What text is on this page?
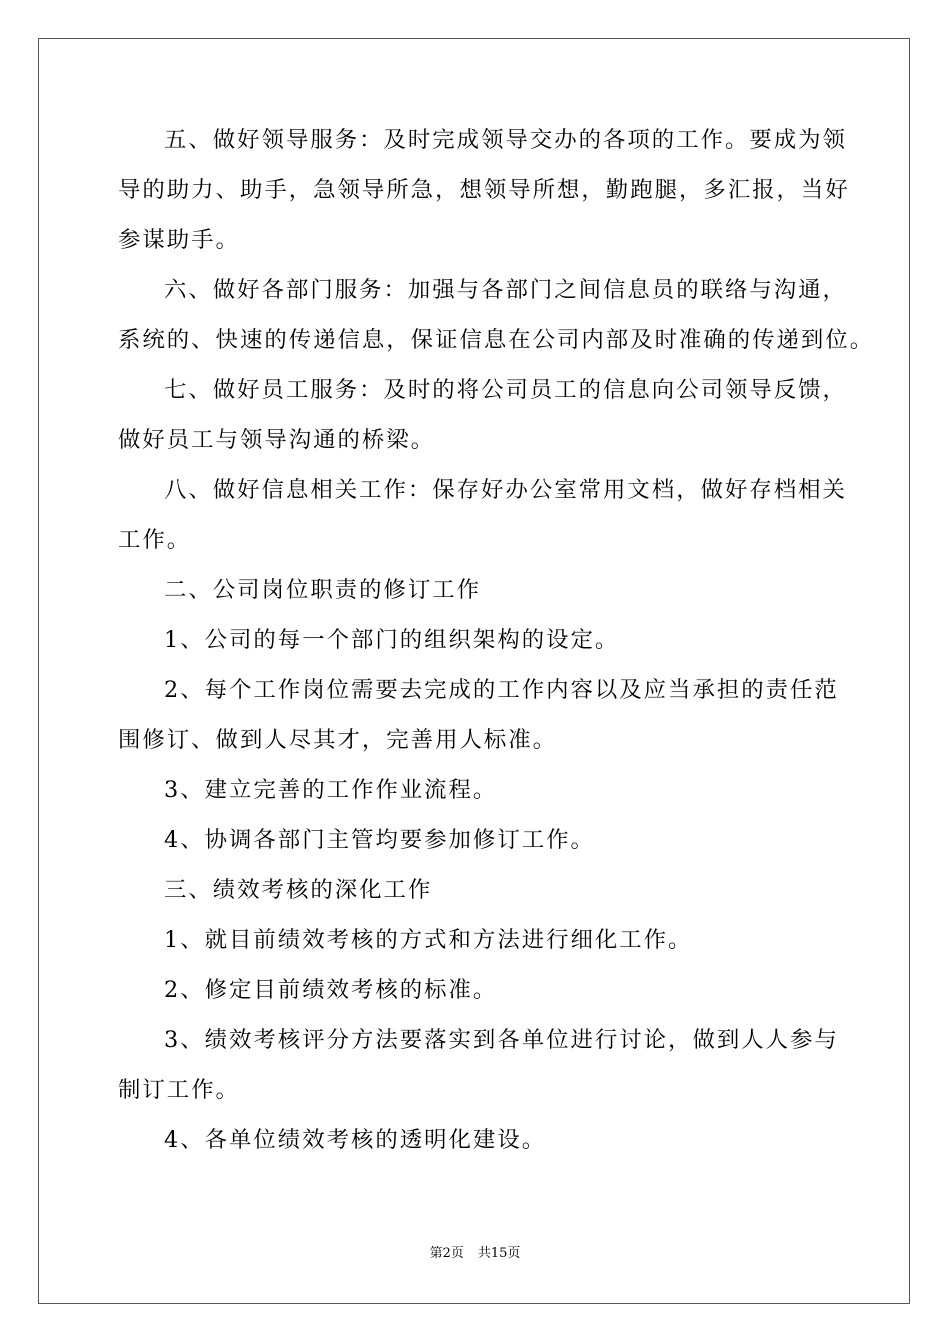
五、做好领导服务：及时完成领导交办的各项的工作。要成为领
导的助力、助手，急领导所急，想领导所想，勤跑腿，多汇报，当好
参谋助手。
六、做好各部门服务：加强与各部门之间信息员的联络与沟通，
系统的、快速的传递信息，保证信息在公司内部及时准确的传递到位。
七、做好员工服务：及时的将公司员工的信息向公司领导反馈，
做好员工与领导沟通的桥梁。
八、做好信息相关工作：保存好办公室常用文档，做好存档相关
工作。
二、公司岗位职责的修订工作
1、公司的每一个部门的组织架构的设定。
2、每个工作岗位需要去完成的工作内容以及应当承担的责任范
围修订、做到人尽其才，完善用人标准。
3、建立完善的工作作业流程。
4、协调各部门主管均要参加修订工作。
三、绩效考核的深化工作
1、就目前绩效考核的方式和方法进行细化工作。
2、修定目前绩效考核的标准。
3、绩效考核评分方法要落实到各单位进行讨论，做到人人参与
制订工作。
4、各单位绩效考核的透明化建设。
第2页 共15页
